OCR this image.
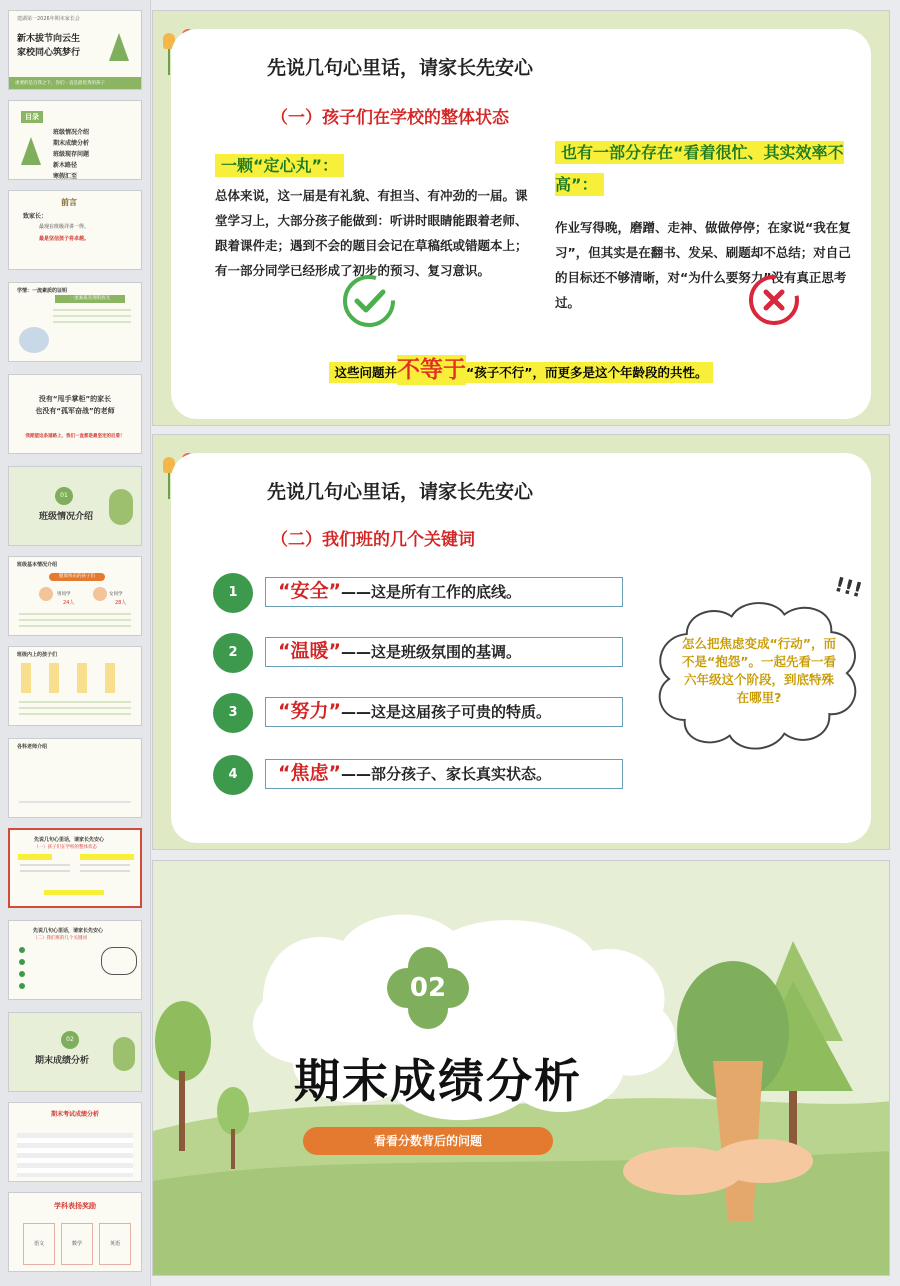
建湖第一2026年期末家长会
新木拔节向云生
家校同心筑梦行
重要的是自我之下，你们一直是最优秀的孩子
目录
班级情况介绍
期末成绩分析
班级现存问题
新木路径
寒假汇至
前言
致家长：
最现在班级详讲一得。
最是坚信孩子将卓越。
学情：一流素质的证明
一流素质育理的底光
没有“甩手掌柜”的家长
也没有“孤军奋战”的老师
我期望这条道路上，我们一直都是最坚定的后盾！
01
班级情况介绍
班级基本情况介绍
健康快乐的孩子们
男同学	女同学
24人	28人
班级内上的孩子们
各科老师介绍
先说几句心里话，请家长先安心
（一）孩子们在学校的整体状态
先说几句心里话，请家长先安心
（二）我们班的几个关键词
02
期末成绩分析
期末考试成绩分析
学科表扬奖励
语文	数学	英语
先说几句心里话，请家长先安心
（一）孩子们在学校的整体状态
一颗“定心丸”：
总体来说，这一届是有礼貌、有担当、有冲劲的一届。课堂学习上，大部分孩子能做到：听讲时眼睛能跟着老师、跟着课件走；遇到不会的题目会记在草稿纸或错题本上；有一部分同学已经形成了初步的预习、复习意识。
也有一部分存在“看着很忙、其实效率不高”：
作业写得晚，磨蹭、走神、做做停停；在家说“我在复习”，但其实是在翻书、发呆、刷题却不总结；对自己的目标还不够清晰，对“为什么要努力”没有真正思考过。
这些问题并不等于“孩子不行”，而更多是这个年龄段的共性。
先说几句心里话，请家长先安心
（二）我们班的几个关键词
1	“安全”——这是所有工作的底线。
2	“温暖”——这是班级氛围的基调。
3	“努力”——这是这届孩子可贵的特质。
4	“焦虑”——部分孩子、家长真实状态。
怎么把焦虑变成“行动”，而不是“抱怨”。一起先看一看六年级这个阶段，到底特殊在哪里?
!!!
02
期末成绩分析
看看分数背后的问题
